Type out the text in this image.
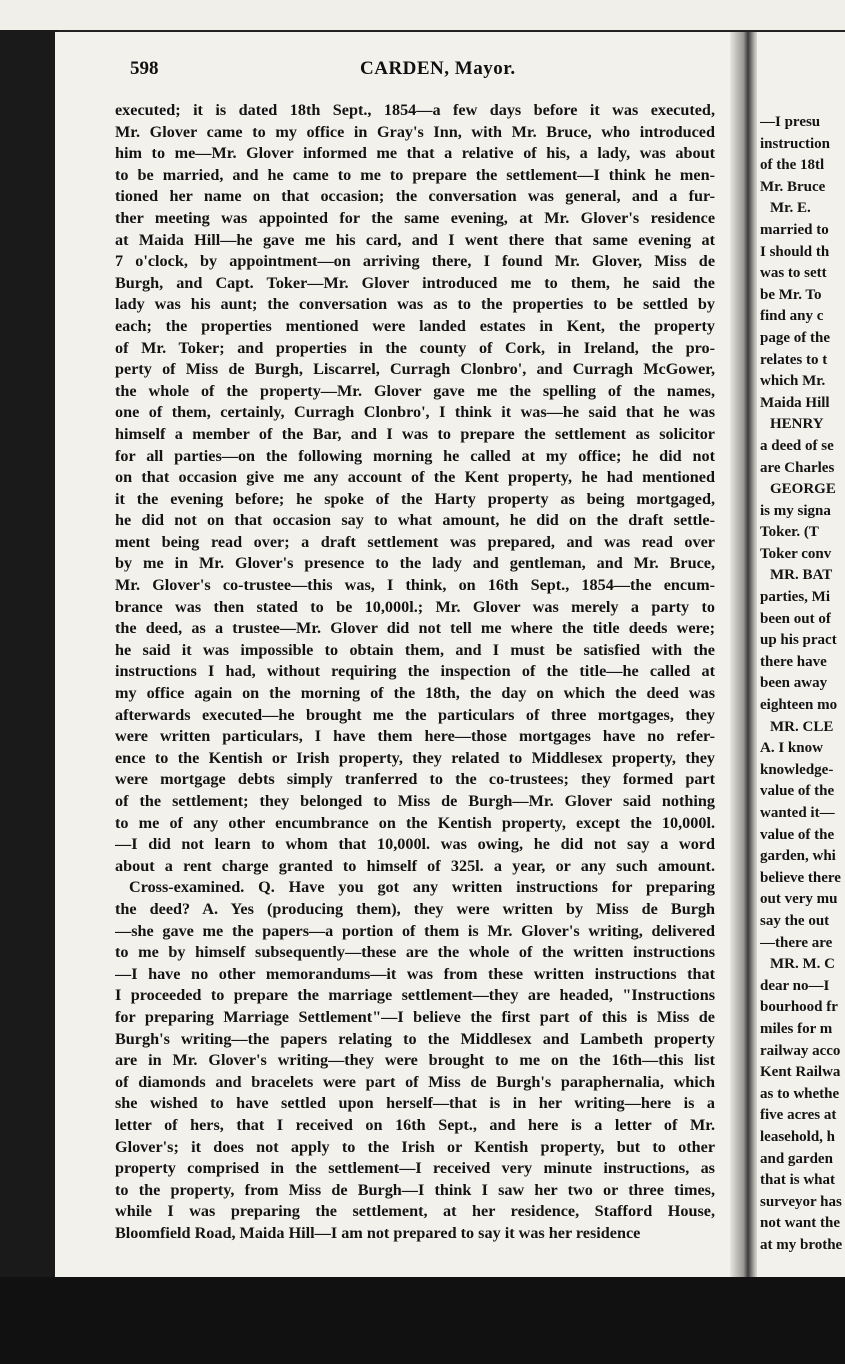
598	CARDEN, Mayor.
executed; it is dated 18th Sept., 1854—a few days before it was executed,
Mr. Glover came to my office in Gray's Inn, with Mr. Bruce, who introduced
him to me—Mr. Glover informed me that a relative of his, a lady, was about
to be married, and he came to me to prepare the settlement—I think he men-
tioned her name on that occasion; the conversation was general, and a fur-
ther meeting was appointed for the same evening, at Mr. Glover's residence
at Maida Hill—he gave me his card, and I went there that same evening at
7 o'clock, by appointment—on arriving there, I found Mr. Glover, Miss de
Burgh, and Capt. Toker—Mr. Glover introduced me to them, he said the
lady was his aunt; the conversation was as to the properties to be settled by
each; the properties mentioned were landed estates in Kent, the property
of Mr. Toker; and properties in the county of Cork, in Ireland, the pro-
perty of Miss de Burgh, Liscarrel, Curragh Clonbro', and Curragh McGower,
the whole of the property—Mr. Glover gave me the spelling of the names,
one of them, certainly, Curragh Clonbro', I think it was—he said that he was
himself a member of the Bar, and I was to prepare the settlement as solicitor
for all parties—on the following morning he called at my office; he did not
on that occasion give me any account of the Kent property, he had mentioned
it the evening before; he spoke of the Harty property as being mortgaged,
he did not on that occasion say to what amount, he did on the draft settle-
ment being read over; a draft settlement was prepared, and was read over
by me in Mr. Glover's presence to the lady and gentleman, and Mr. Bruce,
Mr. Glover's co-trustee—this was, I think, on 16th Sept., 1854—the encum-
brance was then stated to be 10,000l.; Mr. Glover was merely a party to
the deed, as a trustee—Mr. Glover did not tell me where the title deeds were;
he said it was impossible to obtain them, and I must be satisfied with the
instructions I had, without requiring the inspection of the title—he called at
my office again on the morning of the 18th, the day on which the deed was
afterwards executed—he brought me the particulars of three mortgages, they
were written particulars, I have them here—those mortgages have no refer-
ence to the Kentish or Irish property, they related to Middlesex property, they
were mortgage debts simply tranferred to the co-trustees; they formed part
of the settlement; they belonged to Miss de Burgh—Mr. Glover said nothing
to me of any other encumbrance on the Kentish property, except the 10,000l.
—I did not learn to whom that 10,000l. was owing, he did not say a word
about a rent charge granted to himself of 325l. a year, or any such amount.
Cross-examined. Q. Have you got any written instructions for preparing
the deed? A. Yes (producing them), they were written by Miss de Burgh
—she gave me the papers—a portion of them is Mr. Glover's writing, delivered
to me by himself subsequently—these are the whole of the written instructions
—I have no other memorandums—it was from these written instructions that
I proceeded to prepare the marriage settlement—they are headed, "Instructions
for preparing Marriage Settlement"—I believe the first part of this is Miss de
Burgh's writing—the papers relating to the Middlesex and Lambeth property
are in Mr. Glover's writing—they were brought to me on the 16th—this list
of diamonds and bracelets were part of Miss de Burgh's paraphernalia, which
she wished to have settled upon herself—that is in her writing—here is a
letter of hers, that I received on 16th Sept., and here is a letter of Mr.
Glover's; it does not apply to the Irish or Kentish property, but to other
property comprised in the settlement—I received very minute instructions, as
to the property, from Miss de Burgh—I think I saw her two or three times,
while I was preparing the settlement, at her residence, Stafford House,
Bloomfield Road, Maida Hill—I am not prepared to say it was her residence
—I presu
instruction
of the 18tl
Mr. Bruce
Mr. E.
married to
I should th
was to sett
be Mr. To
find any c
page of the
relates to t
which Mr.
Maida Hill
HENRY
a deed of se
are Charles
GEORGE
is my signa
Toker. (T
Toker conv
MR. BAT
parties, Mi
been out of
up his pract
there have
been away
eighteen mo
MR. CLE
A. I know
knowledge-
value of the
wanted it—
value of the
garden, whi
believe there
out very mu
say the out
—there are
MR. M. C
dear no—I
bourhood fr
miles for m
railway acco
Kent Railwa
as to whethe
five acres at
leasehold, h
and garden
that is what
surveyor has
not want the
at my brothe
